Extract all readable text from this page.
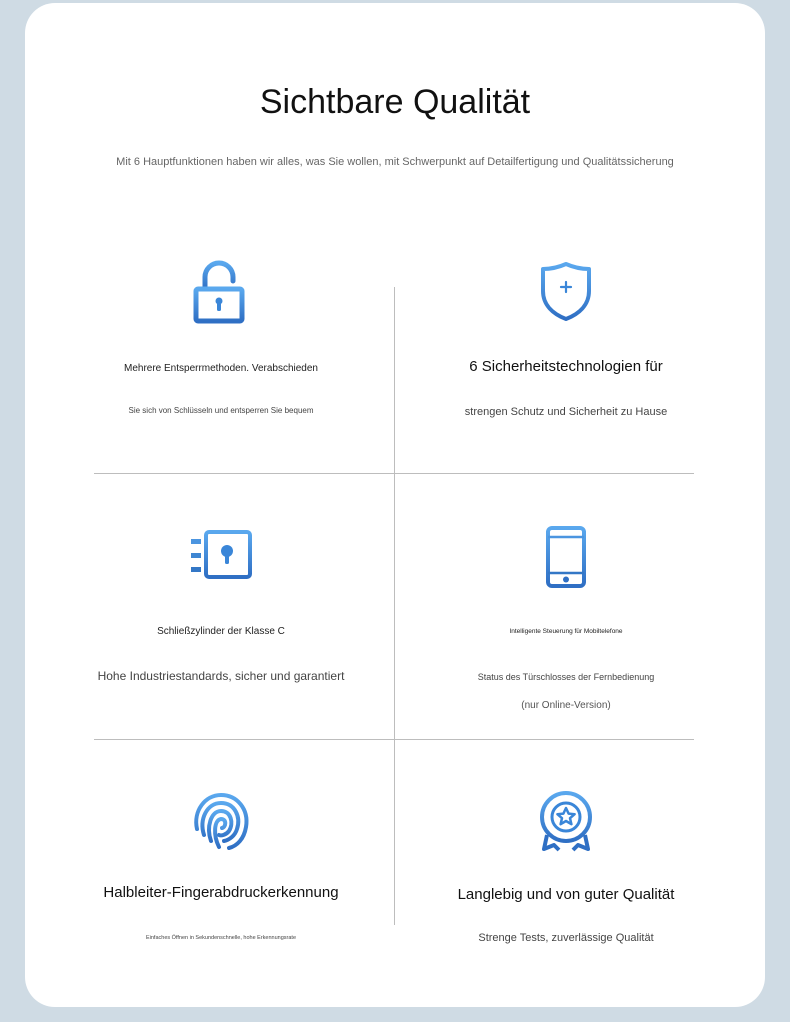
Sichtbare Qualität

Mit 6 Hauptfunktionen haben wir alles, was Sie wollen, mit Schwerpunkt auf Detailfertigung und Qualitätssicherung

Mehrere Entsperrmethoden. Verabschieden
Sie sich von Schlüsseln und entsperren Sie bequem
6 Sicherheitstechnologien für
strengen Schutz und Sicherheit zu Hause
Schließzylinder der Klasse C
Hohe Industriestandards, sicher und garantiert
Intelligente Steuerung für Mobiltelefone
Status des Türschlosses der Fernbedienung
(nur Online-Version)
Halbleiter-Fingerabdruckerkennung
Einfaches Öffnen in Sekundenschnelle, hohe Erkennungsrate
Langlebig und von guter Qualität
Strenge Tests, zuverlässige Qualität
